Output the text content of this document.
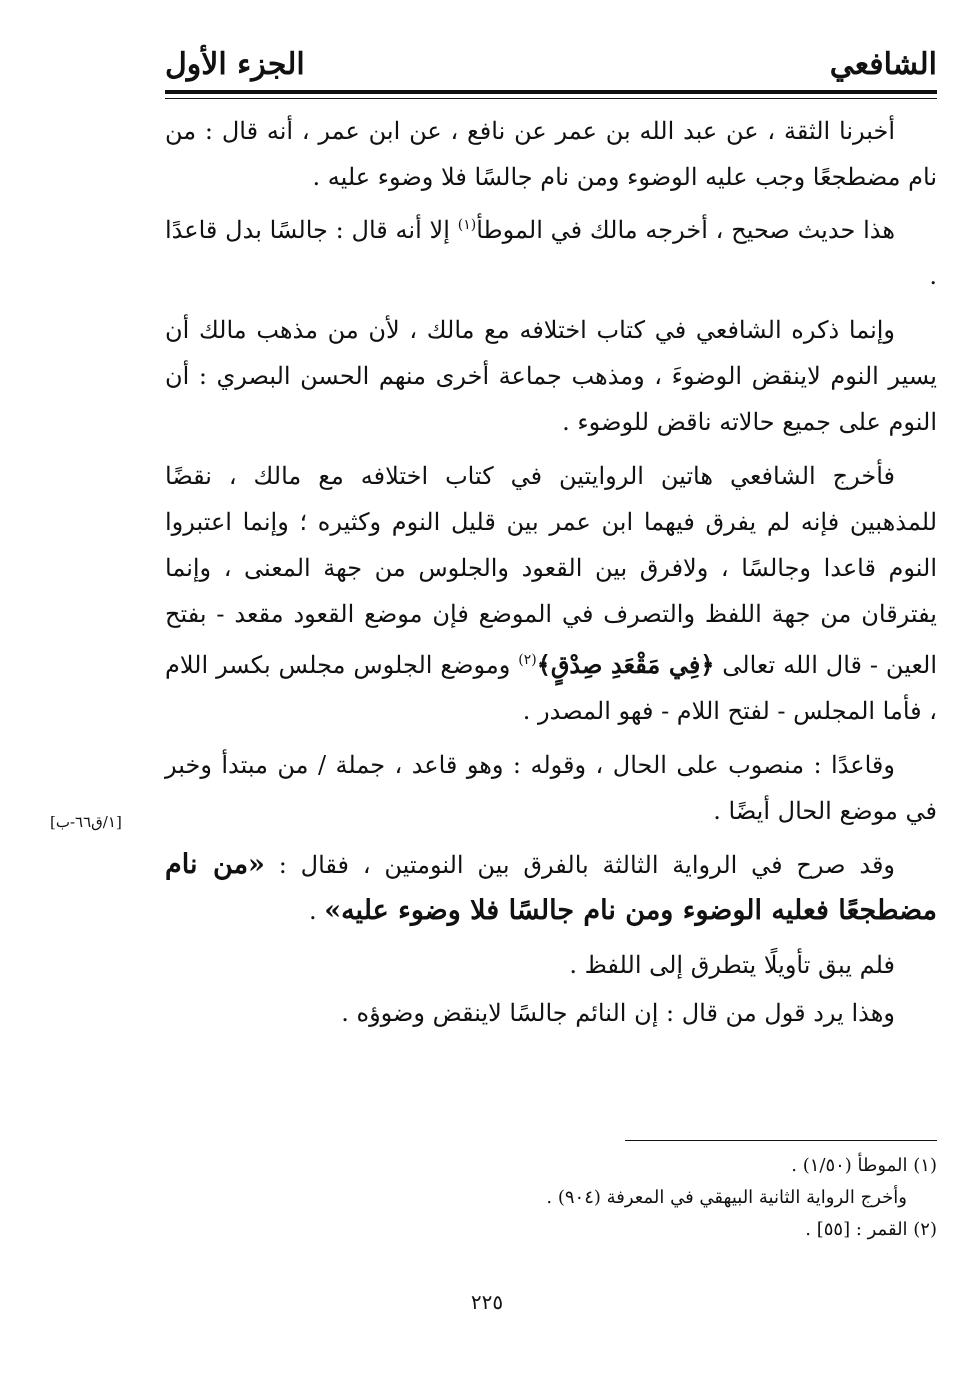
الشافعي
الجزء الأول

أخبرنا الثقة ، عن عبد الله بن عمر عن نافع ، عن ابن عمر ، أنه قال : من نام مضطجعًا وجب عليه الوضوء ومن نام جالسًا فلا وضوء عليه .

هذا حديث صحيح ، أخرجه مالك في الموطأ$^{(١)}$ إلا أنه قال : جالسًا بدل قاعدًا .

وإنما ذكره الشافعي في كتاب اختلافه مع مالك ، لأن من مذهب مالك أن يسير النوم لاينقض الوضوءَ ، ومذهب جماعة أخرى منهم الحسن البصري : أن النوم على جميع حالاته ناقض للوضوء .

فأخرج الشافعي هاتين الروايتين في كتاب اختلافه مع مالك ، نقضًا للمذهبين فإنه لم يفرق فيهما ابن عمر بين قليل النوم وكثيره ؛ وإنما اعتبروا النوم قاعدا وجالسًا ، ولافرق بين القعود والجلوس من جهة المعنى ، وإنما يفترقان من جهة اللفظ والتصرف في الموضع فإن موضع القعود مقعد - بفتح العين - قال الله تعالى ﴿فِي مَقْعَدِ صِدْقٍ﴾$^{(٢)}$ وموضع الجلوس مجلس بكسر اللام ، فأما المجلس - لفتح اللام - فهو المصدر .

وقاعدًا : منصوب على الحال ، وقوله : وهو قاعد ، جملة / من مبتدأ وخبر في موضع الحال أيضًا .

وقد صرح في الرواية الثالثة بالفرق بين النومتين ، فقال : «من نام مضطجعًا فعليه الوضوء ومن نام جالسًا فلا وضوء عليه» .

فلم يبق تأويلًا يتطرق إلى اللفظ .

وهذا يرد قول من قال : إن النائم جالسًا لاينقض وضوؤه .

[١/ق٦٦-ب]
(١) الموطأ (١/٥٠) .
وأخرج الرواية الثانية البيهقي في المعرفة (٩٠٤) .
(٢) القمر : [٥٥] .
٢٢٥
